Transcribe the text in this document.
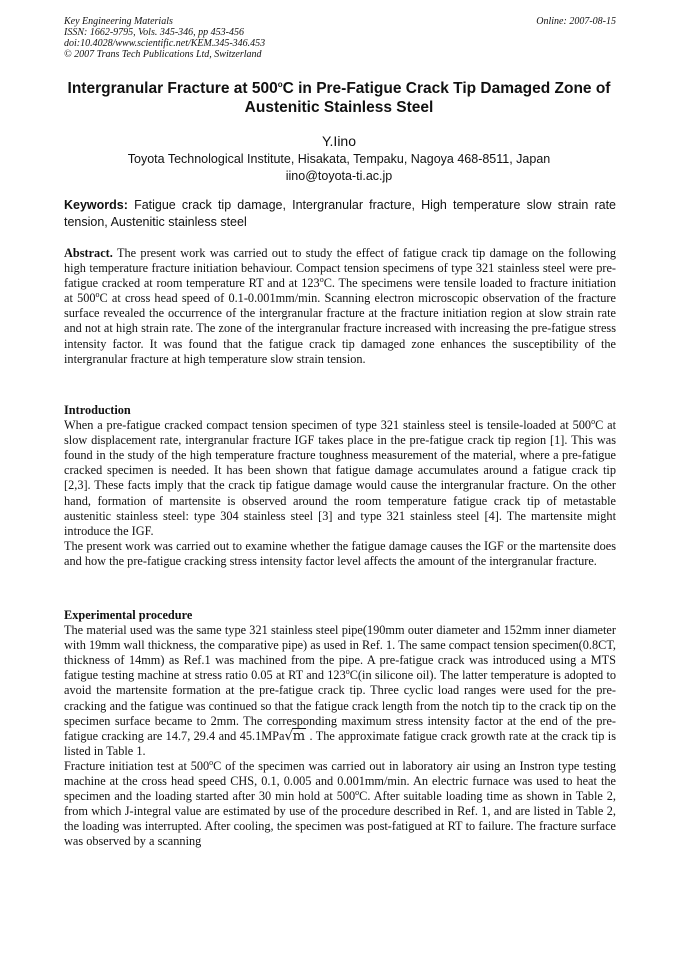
Key Engineering Materials
ISSN: 1662-9795, Vols. 345-346, pp 453-456
doi:10.4028/www.scientific.net/KEM.345-346.453
© 2007 Trans Tech Publications Ltd, Switzerland
Online: 2007-08-15
Intergranular Fracture at 500$^o$C in Pre-Fatigue Crack Tip Damaged Zone of Austenitic Stainless Steel
Y.Iino
Toyota Technological Institute, Hisakata, Tempaku, Nagoya 468-8511, Japan
iino@toyota-ti.ac.jp
Keywords: Fatigue crack tip damage, Intergranular fracture, High temperature slow strain rate tension, Austenitic stainless steel

Abstract. The present work was carried out to study the effect of fatigue crack tip damage on the following high temperature fracture initiation behaviour. Compact tension specimens of type 321 stainless steel were pre-fatigue cracked at room temperature RT and at 123$^o$C. The specimens were tensile loaded to fracture initiation at 500$^o$C at cross head speed of 0.1-0.001mm/min. Scanning electron microscopic observation of the fracture surface revealed the occurrence of the intergranular fracture at the fracture initiation region at slow strain rate and not at high strain rate. The zone of the intergranular fracture increased with increasing the pre-fatigue stress intensity factor. It was found that the fatigue crack tip damaged zone enhances the susceptibility of the intergranular fracture at high temperature slow strain tension.

Introduction

When a pre-fatigue cracked compact tension specimen of type 321 stainless steel is tensile-loaded at 500$^o$C at slow displacement rate, intergranular fracture IGF takes place in the pre-fatigue crack tip region [1]. This was found in the study of the high temperature fracture toughness measurement of the material, where a pre-fatigue cracked specimen is needed. It has been shown that fatigue damage accumulates around a fatigue crack tip [2,3]. These facts imply that the crack tip fatigue damage would cause the intergranular fracture. On the other hand, formation of martensite is observed around the room temperature fatigue crack tip of metastable austenitic stainless steel: type 304 stainless steel [3] and type 321 stainless steel [4]. The martensite might introduce the IGF.

The present work was carried out to examine whether the fatigue damage causes the IGF or the martensite does and how the pre-fatigue cracking stress intensity factor level affects the amount of the intergranular fracture.

Experimental procedure

The material used was the same type 321 stainless steel pipe(190mm outer diameter and 152mm inner diameter with 19mm wall thickness, the comparative pipe) as used in Ref. 1. The same compact tension specimen(0.8CT, thickness of 14mm) as Ref.1 was machined from the pipe. A pre-fatigue crack was introduced using a MTS fatigue testing machine at stress ratio 0.05 at RT and 123$^o$C(in silicone oil). The latter temperature is adopted to avoid the martensite formation at the pre-fatigue crack tip. Three cyclic load ranges were used for the pre-cracking and the fatigue was continued so that the fatigue crack length from the notch tip to the crack tip on the specimen surface became to 2mm. The corresponding maximum stress intensity factor at the end of the pre-fatigue cracking are 14.7, 29.4 and 45.1MPa√m . The approximate fatigue crack growth rate at the crack tip is listed in Table 1.

Fracture initiation test at 500$^o$C of the specimen was carried out in laboratory air using an Instron type testing machine at the cross head speed CHS, 0.1, 0.005 and 0.001mm/min. An electric furnace was used to heat the specimen and the loading started after 30 min hold at 500$^o$C. After suitable loading time as shown in Table 2, from which J-integral value are estimated by use of the procedure described in Ref. 1, and are listed in Table 2, the loading was interrupted. After cooling, the specimen was post-fatigued at RT to failure. The fracture surface was observed by a scanning
